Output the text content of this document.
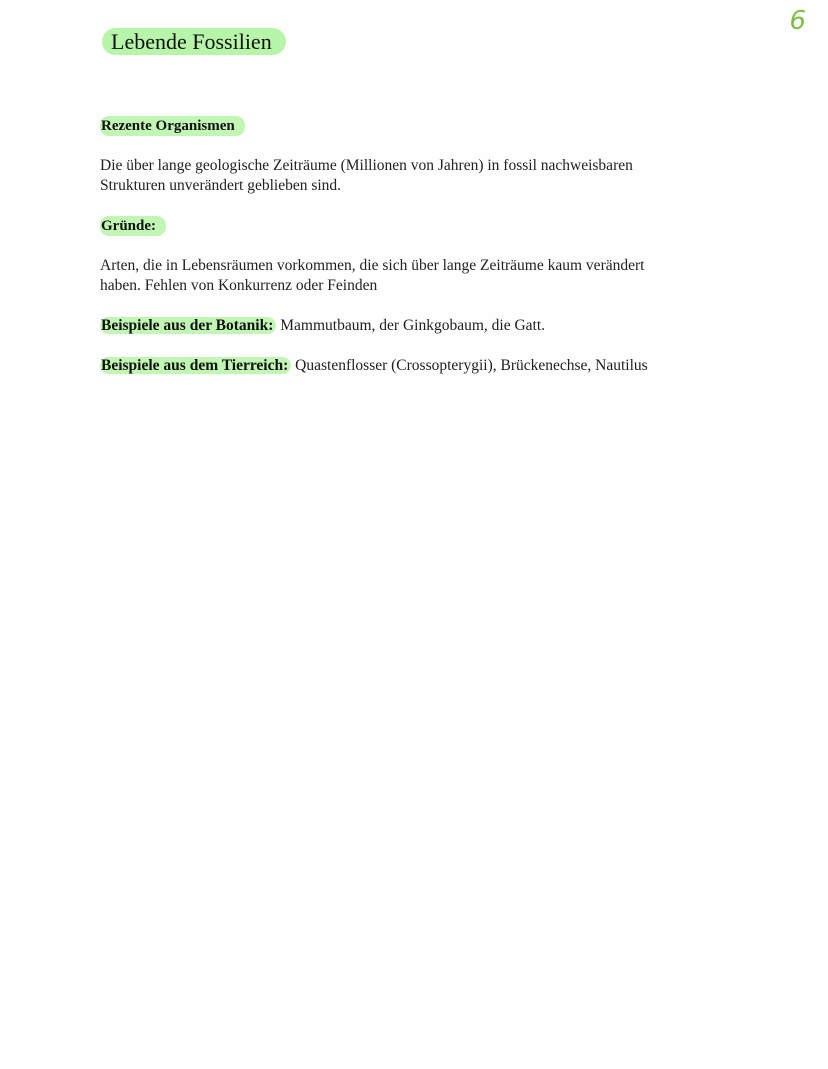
6
Lebende Fossilien
Rezente Organismen
Die über lange geologische Zeiträume (Millionen von Jahren) in fossil nachweisbaren
Strukturen unverändert geblieben sind.
Gründe:
Arten, die in Lebensräumen vorkommen, die sich über lange Zeiträume kaum verändert
haben. Fehlen von Konkurrenz oder Feinden
Beispiele aus der Botanik: Mammutbaum, der Ginkgobaum, die Gatt.
Beispiele aus dem Tierreich: Quastenflosser (Crossopterygii), Brückenechse, Nautilus
